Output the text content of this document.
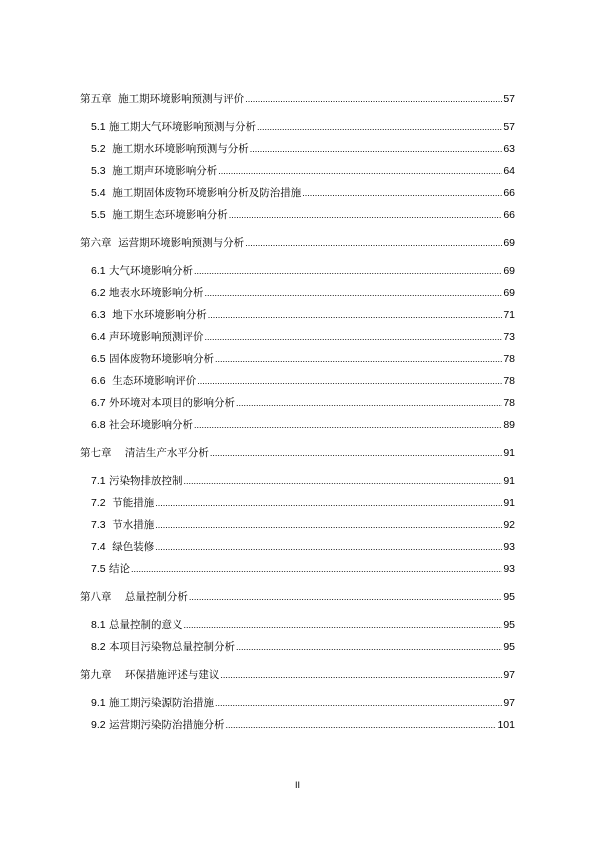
第五章 施工期环境影响预测与评价 .....	57
5.1 施工期大气环境影响预测与分析 .....	57
5.2 施工期水环境影响预测与分析 .....	63
5.3 施工期声环境影响分析 .....	64
5.4 施工期固体废物环境影响分析及防治措施 .....	66
5.5 施工期生态环境影响分析 .....	66
第六章 运营期环境影响预测与分析 .....	69
6.1 大气环境影响分析 .....	69
6.2 地表水环境影响分析 .....	69
6.3 地下水环境影响分析 .....	71
6.4 声环境影响预测评价 .....	73
6.5 固体废物环境影响分析 .....	78
6.6 生态环境影响评价 .....	78
6.7 外环境对本项目的影响分析 .....	78
6.8 社会环境影响分析 .....	89
第七章 清洁生产水平分析 .....	91
7.1 污染物排放控制 .....	91
7.2 节能措施 .....	91
7.3 节水措施 .....	92
7.4 绿色装修 .....	93
7.5 结论 .....	93
第八章 总量控制分析 .....	95
8.1 总量控制的意义 .....	95
8.2 本项目污染物总量控制分析 .....	95
第九章 环保措施评述与建议 .....	97
9.1 施工期污染源防治措施 .....	97
9.2 运营期污染防治措施分析 .....	101
II
